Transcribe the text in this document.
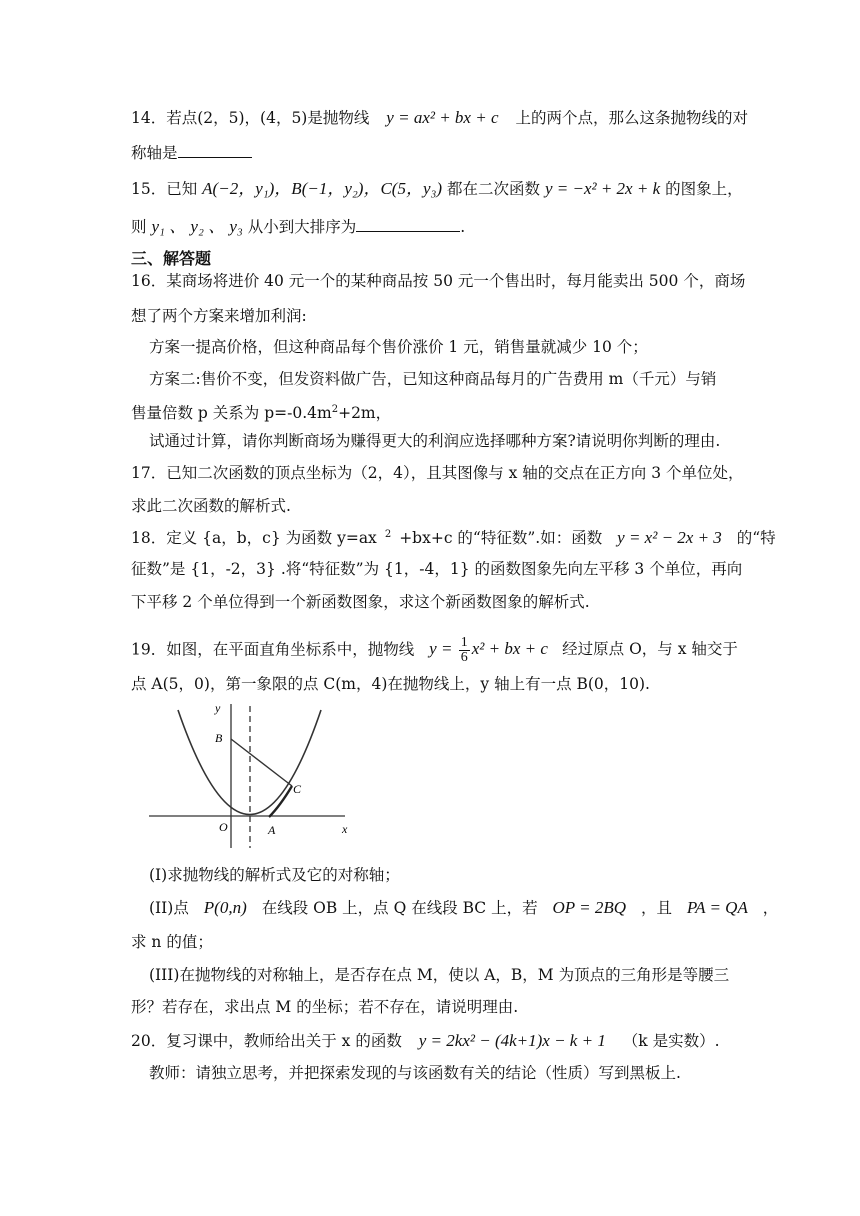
14．若点(2，5)，(4，5)是抛物线 y = ax² + bx + c 上的两个点，那么这条抛物线的对
称轴是
15．已知 A(−2，y₁)，B(−1，y₂)，C(5，y₃) 都在二次函数 y = −x² + 2x + k 的图象上，
则 y₁ 、 y₂ 、 y₃ 从小到大排序为	.
三、解答题
16．某商场将进价 40 元一个的某种商品按 50 元一个售出时，每月能卖出 500 个，商场
想了两个方案来增加利润:
方案一提高价格，但这种商品每个售价涨价 1 元，销售量就减少 10 个；
方案二:售价不变，但发资料做广告，已知这种商品每月的广告费用 m（千元）与销
售量倍数 p 关系为 $p=-0.4m^2+2m$，
试通过计算，请你判断商场为赚得更大的利润应选择哪种方案?请说明你判断的理由.
17．已知二次函数的顶点坐标为（2，4），且其图像与 x 轴的交点在正方向 3 个单位处，
求此二次函数的解析式.
18．定义 {a，b，c} 为函数 y=ax $^2$ +bx+c 的“特征数”.如：函数 y = x² − 2x + 3 的“特
征数”是 {1，-2，3} .将“特征数”为 {1，-4，1} 的函数图象先向左平移 3 个单位，再向
下平移 2 个单位得到一个新函数图象，求这个新函数图象的解析式.
19．如图，在平面直角坐标系中，抛物线 $y = \frac{1}{6} x^2$ + bx + c 经过原点 O，与 x 轴交于
点 A(5，0)，第一象限的点 C(m，4)在抛物线上，y 轴上有一点 B(0，10).
y
B
C
O	A	x
(I)求抛物线的解析式及它的对称轴；
(II)点 P(0,n) 在线段 OB 上，点 Q 在线段 BC 上，若 OP = 2BQ ，且 PA = QA ，
求 n 的值；
(III)在抛物线的对称轴上，是否存在点 M，使以 A，B，M 为顶点的三角形是等腰三
形？若存在，求出点 M 的坐标；若不存在，请说明理由.
20．复习课中，教师给出关于 x 的函数 y = 2kx² − (4k+1)x − k + 1 （k 是实数）.
教师：请独立思考，并把探索发现的与该函数有关的结论（性质）写到黑板上.
